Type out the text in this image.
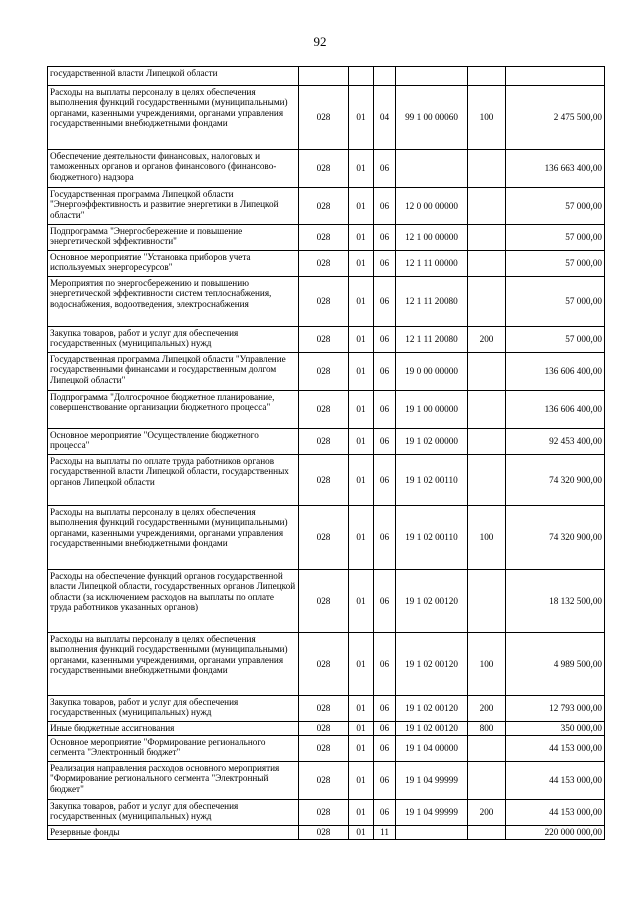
92
государственной власти Липецкой области						
Расходы на выплаты персоналу в целях обеспечения выполнения функций государственными (муниципальными) органами, казенными учреждениями, органами управления государственными внебюджетными фондами	028	01	04	99 1 00 00060	100	2 475 500,00
Обеспечение деятельности финансовых, налоговых и таможенных органов и органов финансового (финансово-бюджетного) надзора	028	01	06			136 663 400,00
Государственная программа Липецкой области "Энергоэффективность и развитие энергетики в Липецкой области"	028	01	06	12 0 00 00000		57 000,00
Подпрограмма "Энергосбережение и повышение энергетической эффективности"	028	01	06	12 1 00 00000		57 000,00
Основное мероприятие "Установка приборов учета используемых энергоресурсов"	028	01	06	12 1 11 00000		57 000,00
Мероприятия по энергосбережению и повышению энергетической эффективности систем теплоснабжения, водоснабжения, водоотведения, электроснабжения	028	01	06	12 1 11 20080		57 000,00
Закупка товаров, работ и услуг для обеспечения государственных (муниципальных) нужд	028	01	06	12 1 11 20080	200	57 000,00
Государственная программа Липецкой области "Управление государственными финансами и государственным долгом Липецкой области"	028	01	06	19 0 00 00000		136 606 400,00
Подпрограмма "Долгосрочное бюджетное планирование, совершенствование организации бюджетного процесса"	028	01	06	19 1 00 00000		136 606 400,00
Основное мероприятие "Осуществление бюджетного процесса"	028	01	06	19 1 02 00000		92 453 400,00
Расходы на выплаты по оплате труда работников органов государственной власти Липецкой области, государственных органов Липецкой области	028	01	06	19 1 02 00110		74 320 900,00
Расходы на выплаты персоналу в целях обеспечения выполнения функций государственными (муниципальными) органами, казенными учреждениями, органами управления государственными внебюджетными фондами	028	01	06	19 1 02 00110	100	74 320 900,00
Расходы на обеспечение функций органов государственной власти Липецкой области, государственных органов Липецкой области (за исключением расходов на выплаты по оплате труда работников указанных органов)	028	01	06	19 1 02 00120		18 132 500,00
Расходы на выплаты персоналу в целях обеспечения выполнения функций государственными (муниципальными) органами, казенными учреждениями, органами управления государственными внебюджетными фондами	028	01	06	19 1 02 00120	100	4 989 500,00
Закупка товаров, работ и услуг для обеспечения государственных (муниципальных) нужд	028	01	06	19 1 02 00120	200	12 793 000,00
Иные бюджетные ассигнования	028	01	06	19 1 02 00120	800	350 000,00
Основное мероприятие "Формирование регионального сегмента "Электронный бюджет"	028	01	06	19 1 04 00000		44 153 000,00
Реализация направления расходов основного мероприятия "Формирование регионального сегмента "Электронный бюджет"	028	01	06	19 1 04 99999		44 153 000,00
Закупка товаров, работ и услуг для обеспечения государственных (муниципальных) нужд	028	01	06	19 1 04 99999	200	44 153 000,00
Резервные фонды	028	01	11			220 000 000,00
